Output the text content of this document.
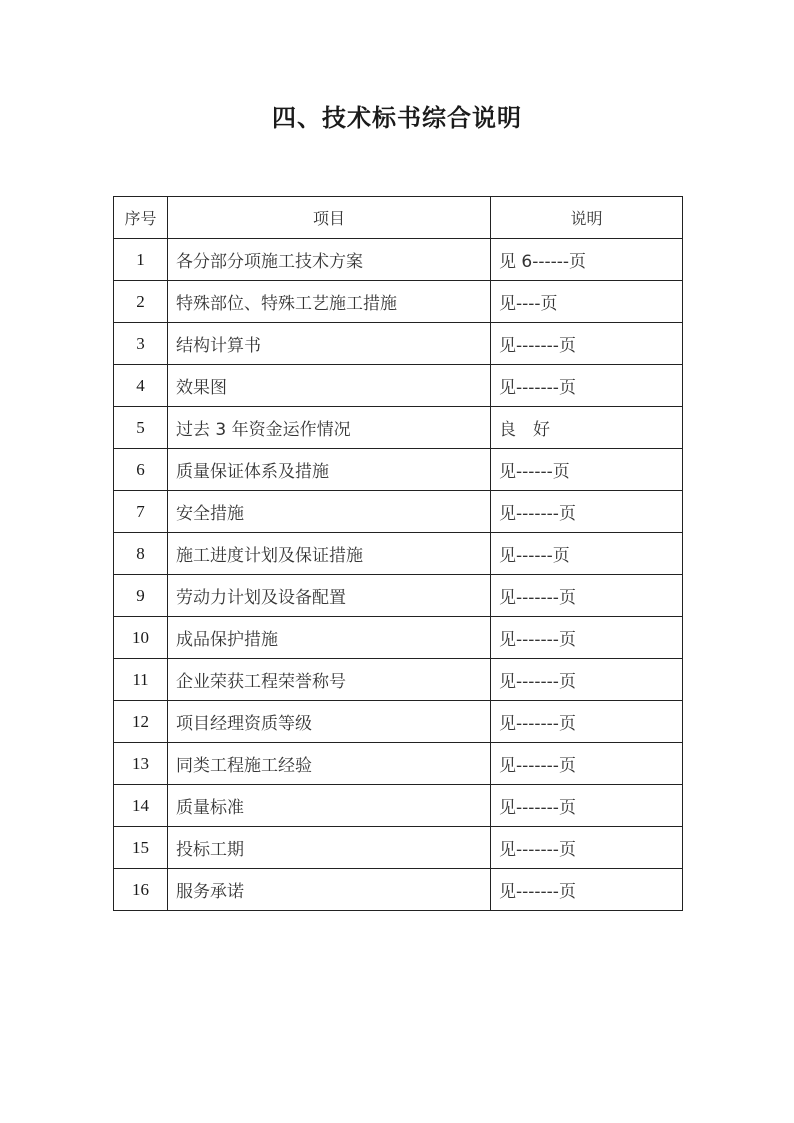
四、技术标书综合说明
序号	项目	说明
1	各分部分项施工技术方案	见 6------页
2	特殊部位、特殊工艺施工措施	见----页
3	结构计算书	见-------页
4	效果图	见-------页
5	过去 3 年资金运作情况	良　好
6	质量保证体系及措施	见------页
7	安全措施	见-------页
8	施工进度计划及保证措施	见------页
9	劳动力计划及设备配置	见-------页
10	成品保护措施	见-------页
11	企业荣获工程荣誉称号	见-------页
12	项目经理资质等级	见-------页
13	同类工程施工经验	见-------页
14	质量标准	见-------页
15	投标工期	见-------页
16	服务承诺	见-------页
